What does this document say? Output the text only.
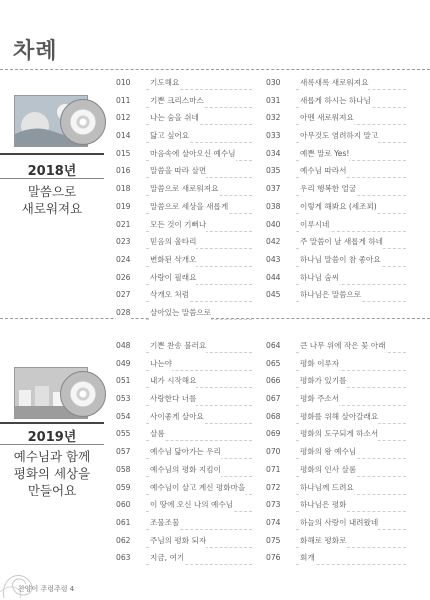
차례
2018년
말씀으로
새로워져요
2019년
예수님과 함께
평화의 세상을
만들어요
010	기도해요
011	기쁜 크리스마스
012	나는 숨을 쉬네
014	닮고 싶어요
015	마음속에 살아오신 예수님
016	말씀을 따라 살면
018	말씀으로 새로워져요
019	말씀으로 세상을 새롭게
021	모든 것이 기뻐나
023	믿음의 울타리
024	변화된 삭개오
026	사랑이 필래요
027	삭개오 처럼
028	살아있는 말씀으로
030	새록새록 새로워져요
031	새롭게 하시는 하나님
032	아멘 새로워져요
033	아무것도 염려하지 말고
034	예쁜 말로 Yes!
035	예수님 따라서
037	우리 행복한 얼굴
038	이렇게 해봐요 (세조꾀)
040	이루시네
042	주 말씀이 날 새롭게 하네
043	하나님 말씀이 참 좋아요
044	하나님 숨씨
045	하나님은 말씀으로
048	기쁜 찬송 불러요
049	나는야
051	내가 시작해요
053	사랑한다 너를
054	사이좋게 살아요
055	살롬
057	예수님 닮아가는 우리
058	예수님의 평화 지킴이
059	예수님이 살고 계신 평화마을
060	이 땅에 오신 나의 예수님
061	조물조물
062	주님의 평화 되자
063	지금, 여기
064	큰 나무 위에 작은 꽃 아래
065	평화 이루자
066	평화가 있기를
067	평화 주소서
068	평화를 위해 살아갈래요
069	평화의 도구되게 하소서
070	평화의 왕 예수님
071	평화의 인사 살롬
072	하나님께 드려요
073	하나님은 평화
074	하늘의 사랑이 내려왔네
075	화해로 평화로
076	회개
찬양이 주렁주렁 4
